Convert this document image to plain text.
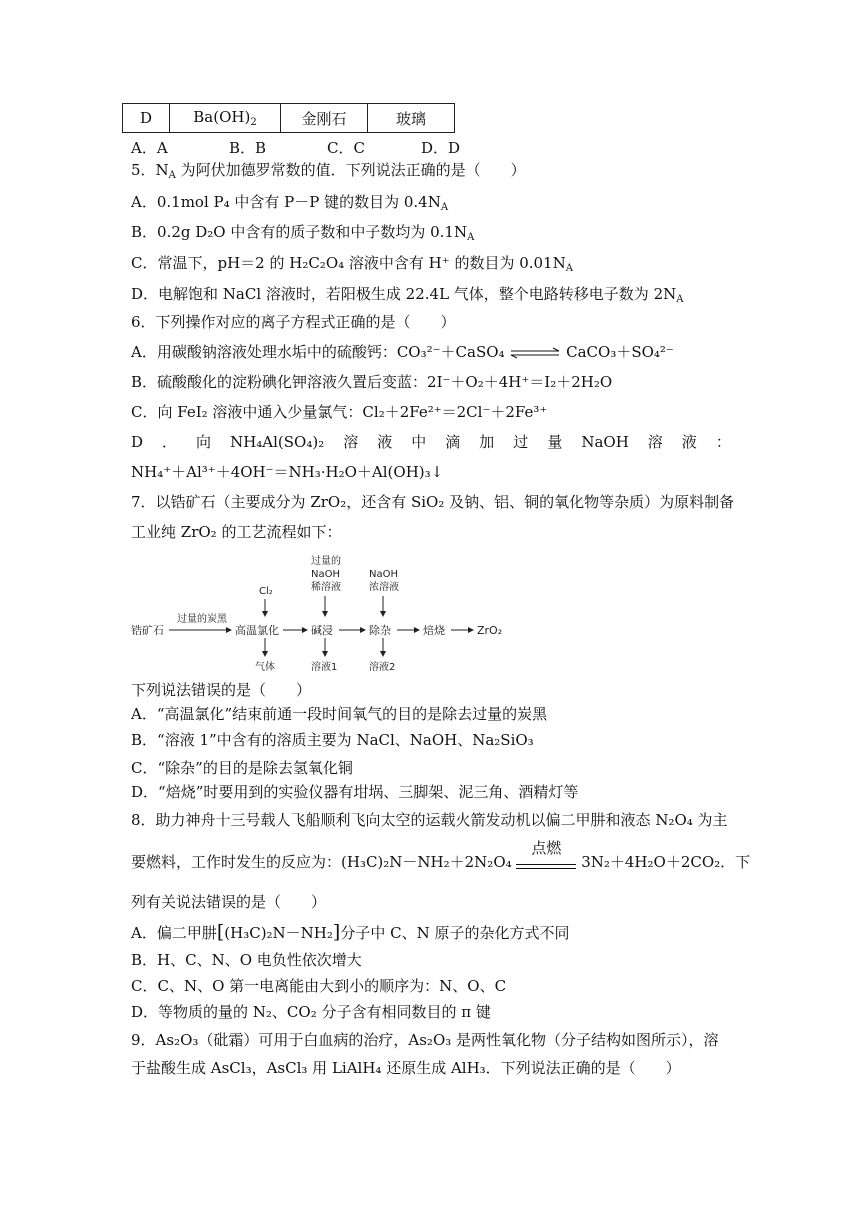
D	$Ba(OH)_2$	金刚石	玻璃
A．A	B．B	C．C	D．D
5．$N_A$ 为阿伏加德罗常数的值．下列说法正确的是（　　）
A．0.1mol P₄ 中含有 P－P 键的数目为 $0.4N_A$
B．0.2g D₂O 中含有的质子数和中子数均为 $0.1N_A$
C．常温下，pH＝2 的 H₂C₂O₄ 溶液中含有 H⁺ 的数目为 $0.01N_A$
D．电解饱和 NaCl 溶液时，若阳极生成 22.4L 气体，整个电路转移电子数为 $2N_A$
6．下列操作对应的离子方程式正确的是（　　）
A．用碳酸钠溶液处理水垢中的硫酸钙：CO₃²⁻＋CaSO₄ ⇌ CaCO₃＋SO₄²⁻
B．硫酸酸化的淀粉碘化钾溶液久置后变蓝：2I⁻＋O₂＋4H⁺＝I₂＋2H₂O
C．向 FeI₂ 溶液中通入少量氯气：Cl₂＋2Fe²⁺＝2Cl⁻＋2Fe³⁺
D ． 向 NH₄Al(SO₄)₂ 溶 液 中 滴 加 过 量 NaOH 溶 液 ：
NH₄⁺＋Al³⁺＋4OH⁻＝NH₃·H₂O＋Al(OH)₃↓
7．以锆矿石（主要成分为 ZrO₂，还含有 SiO₂ 及钠、铝、铜的氧化物等杂质）为原料制备
工业纯 ZrO₂ 的工艺流程如下：
锆矿石
过量的炭黑
高温氯化	碱浸	除杂	焙烧	ZrO₂
Cl₂
过量的
NaOH
稀溶液
NaOH
浓溶液
气体	溶液1	溶液2
下列说法错误的是（　　）
A．“高温氯化”结束前通一段时间氧气的目的是除去过量的炭黑
B．“溶液 1”中含有的溶质主要为 NaCl、NaOH、Na₂SiO₃
C．“除杂”的目的是除去氢氧化铜
D．“焙烧”时要用到的实验仪器有坩埚、三脚架、泥三角、酒精灯等
8．助力神舟十三号载人飞船顺利飞向太空的运载火箭发动机以偏二甲肼和液态 N₂O₄ 为主
要燃料，工作时发生的反应为：(H₃C)₂N－NH₂＋2N₂O₄
点燃
3N₂＋4H₂O＋2CO₂．下
列有关说法错误的是（　　）
A．偏二甲肼[(H₃C)₂N－NH₂]分子中 C、N 原子的杂化方式不同
B．H、C、N、O 电负性依次增大
C．C、N、O 第一电离能由大到小的顺序为：N、O、C
D．等物质的量的 N₂、CO₂ 分子含有相同数目的 π 键
9．As₂O₃（砒霜）可用于白血病的治疗，As₂O₃ 是两性氧化物（分子结构如图所示），溶
于盐酸生成 AsCl₃，AsCl₃ 用 LiAlH₄ 还原生成 AlH₃．下列说法正确的是（　　）
